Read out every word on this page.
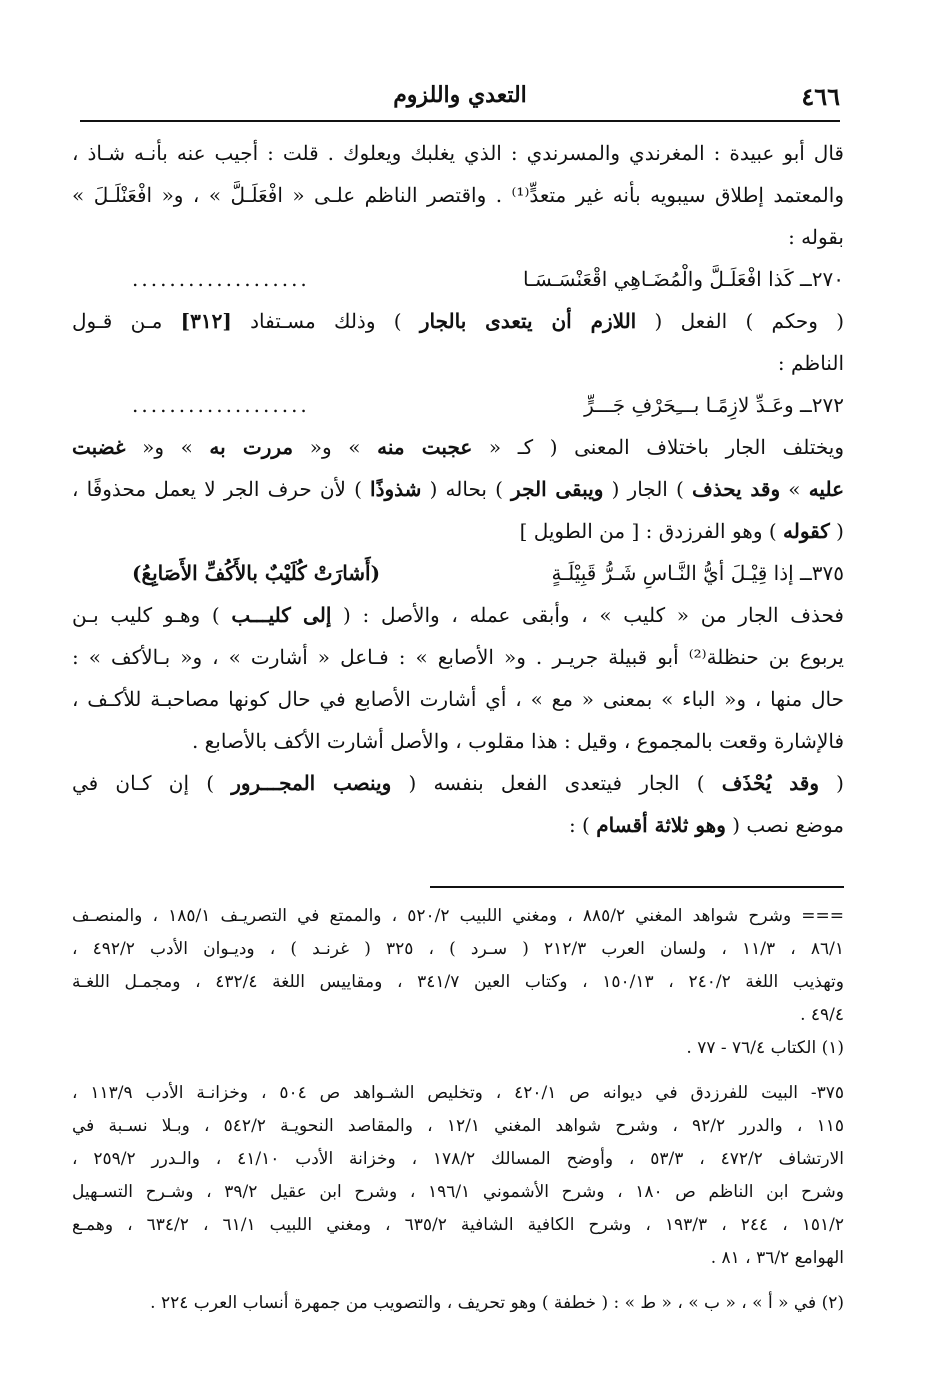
٤٦٦
التعدي واللزوم
قال أبو عبيدة : المغرندي والمسرندي : الذي يغلبك ويعلوك . قلت : أجيب عنه بأنـه شـاذ ،
والمعتمد إطلاق سيبويه بأنه غير متعدٍّ⁽¹⁾ . واقتصر الناظم علـى « افْعَلَـلَّ » ، و« افْعَنْلَـلَ »
بقوله :
٢٧٠ــ كَذا افْعَلَـلَّ والْمُضَـاهِي اقْعَنْسَـسَـا
...................
( وحكم ) الفعل ( اللازم أن يتعدى بالجار ) وذلك مسـتفاد [٣١٢] مـن قـول
الناظم :
٢٧٢ــ وعَـدِّ لازِمًـا بـــِحَرْفِ جَـــرٍّ
...................
ويختلف الجار باختلاف المعنى ( كـ « عجبت منه » و« مررت به » و« غضبت
عليه » وقد يحذف ) الجار ( ويبقى الجر ) بحاله ( شذوذًا ) لأن حرف الجر لا يعمل محذوفًا ،
( كقوله ) وهو الفرزدق : [ من الطويل ]
٣٧٥ــ إذا قِيْـلَ أيُّ النَّـاسِ شَـرُّ قَبِيْلَـةٍ
(أَشارَتْ كُلَيْبٌ بالأَكُفِّ الأَصَابِعُ)
فحذف الجار من « كليب » ، وأبقى عمله ، والأصل : ( إلى كليـــب ) وهـو كليب بـن
يربوع بن حنظلة⁽²⁾ أبو قبيلة جريـر . و« الأصابع » : فـاعل « أشارت » ، و« بـالأكف » :
حال منها ، و« الباء » بمعنى « مع » ، أي أشارت الأصابع في حال كونها مصاحبـة للأكـف ،
فالإشارة وقعت بالمجموع ، وقيل : هذا مقلوب ، والأصل أشارت الأكف بالأصابع .
( وقد يُحْذَف ) الجار فيتعدى الفعل بنفسه ( وينصب المجـــرور ) إن كـان في
موضع نصب ( وهو ثلاثة أقسام ) :
=== وشرح شواهد المغني ٨٨٥/٢ ، ومغني اللبيب ٥٢٠/٢ ، والممتع في التصريـف ١٨٥/١ ، والمنصـف
٨٦/١ ، ١١/٣ ، ولسان العرب ٢١٢/٣ ( سـرد ) ، ٣٢٥ ( غرنـد ) ، وديـوان الأدب ٤٩٢/٢ ،
وتهذيب اللغة ٢٤٠/٢ ، ١٥٠/١٣ ، وكتاب العين ٣٤١/٧ ، ومقاييس اللغة ٤٣٢/٤ ، ومجمـل اللغـة
٤٩/٤ .
(١) الكتاب ٧٦/٤ - ٧٧ .
٣٧٥- البيت للفرزدق في ديوانه ص ٤٢٠/١ ، وتخليص الشـواهد ص ٥٠٤ ، وخزانـة الأدب ١١٣/٩ ،
١١٥ ، والدرر ٩٢/٢ ، وشرح شواهد المغني ١٢/١ ، والمقاصد النحويـة ٥٤٢/٢ ، وبـلا نسـبة في
الارتشاف ٤٧٢/٢ ، ٥٣/٣ ، وأوضح المسالك ١٧٨/٢ ، وخزانة الأدب ٤١/١٠ ، والـدرر ٢٥٩/٢ ،
وشرح ابن الناظم ص ١٨٠ ، وشرح الأشموني ١٩٦/١ ، وشرح ابن عقيل ٣٩/٢ ، وشـرح التسـهيل
١٥١/٢ ، ٢٤٤ ، ١٩٣/٣ ، وشرح الكافية الشافية ٦٣٥/٢ ، ومغني اللبيب ٦١/١ ، ٦٣٤/٢ ، وهمـع
الهوامع ٣٦/٢ ، ٨١ .
(٢) في « أ » ، « ب » ، « ط » : ( خطفة ) وهو تحريف ، والتصويب من جمهرة أنساب العرب ٢٢٤ .
